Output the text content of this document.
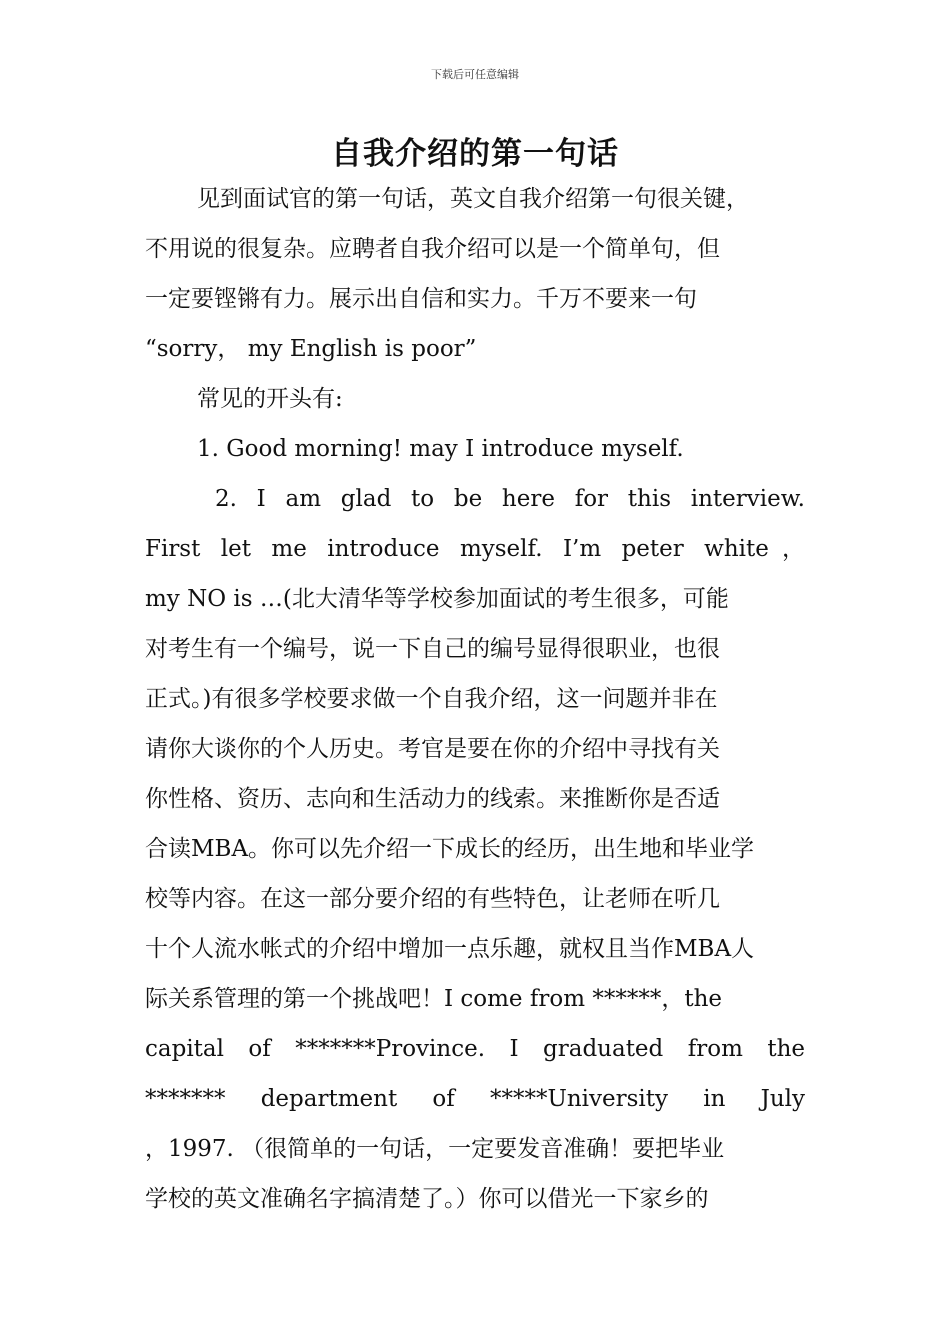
下载后可任意编辑
自我介绍的第一句话
见到面试官的第一句话，英文自我介绍第一句很关键，
不用说的很复杂。应聘者自我介绍可以是一个简单句，但
一定要铿锵有力。展示出自信和实力。千万不要来一句
“sorry， my English is poor”
常见的开头有:
1. Good morning! may I introduce myself.
2. I am glad to be here for this interview.
First let me introduce myself. I’m peter white，
my NO is …(北大清华等学校参加面试的考生很多，可能
对考生有一个编号，说一下自己的编号显得很职业，也很
正式。)有很多学校要求做一个自我介绍，这一问题并非在
请你大谈你的个人历史。考官是要在你的介绍中寻找有关
你性格、资历、志向和生活动力的线索。来推断你是否适
合读MBA。你可以先介绍一下成长的经历，出生地和毕业学
校等内容。在这一部分要介绍的有些特色，让老师在听几
十个人流水帐式的介绍中增加一点乐趣，就权且当作MBA人
际关系管理的第一个挑战吧！I come from ******，the
capital of *******Province. I graduated from the
******* department of *****University in July
，1997. （很简单的一句话，一定要发音准确！要把毕业
学校的英文准确名字搞清楚了。）你可以借光一下家乡的
